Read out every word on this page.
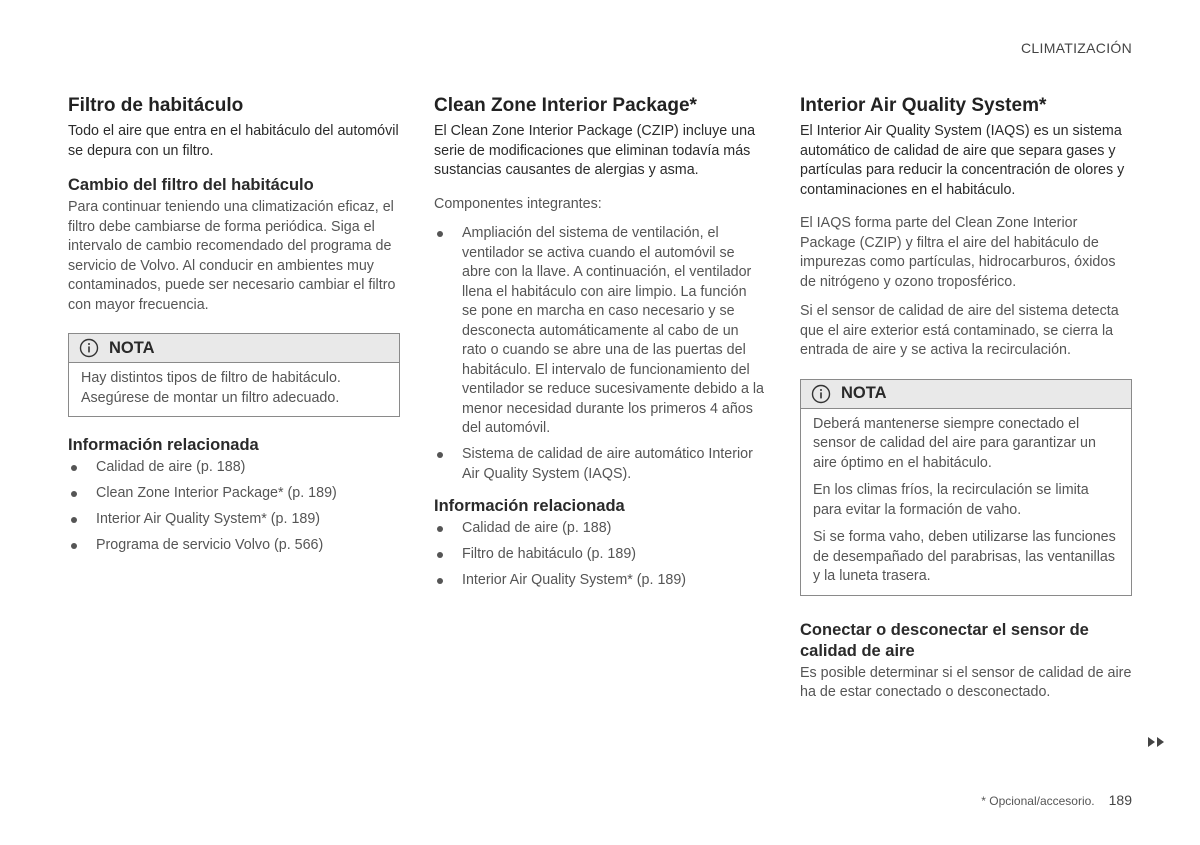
CLIMATIZACIÓN
Filtro de habitáculo

Todo el aire que entra en el habitáculo del automóvil se depura con un filtro.

Cambio del filtro del habitáculo

Para continuar teniendo una climatización eficaz, el filtro debe cambiarse de forma periódica. Siga el intervalo de cambio recomendado del programa de servicio de Volvo. Al conducir en ambientes muy contaminados, puede ser necesario cambiar el filtro con mayor frecuencia.

NOTA

Hay distintos tipos de filtro de habitáculo. Asegúrese de montar un filtro adecuado.

Información relacionada
Calidad de aire (p. 188)
Clean Zone Interior Package* (p. 189)
Interior Air Quality System* (p. 189)
Programa de servicio Volvo (p. 566)
Clean Zone Interior Package*

El Clean Zone Interior Package (CZIP) incluye una serie de modificaciones que eliminan todavía más sustancias causantes de alergias y asma.

Componentes integrantes:

Ampliación del sistema de ventilación, el ventilador se activa cuando el automóvil se abre con la llave. A continuación, el ventilador llena el habitáculo con aire limpio. La función se pone en marcha en caso necesario y se desconecta automáticamente al cabo de un rato o cuando se abre una de las puertas del habitáculo. El intervalo de funcionamiento del ventilador se reduce sucesivamente debido a la menor necesidad durante los primeros 4 años del automóvil.
Sistema de calidad de aire automático Interior Air Quality System (IAQS).
Información relacionada
Calidad de aire (p. 188)
Filtro de habitáculo (p. 189)
Interior Air Quality System* (p. 189)
Interior Air Quality System*

El Interior Air Quality System (IAQS) es un sistema automático de calidad de aire que separa gases y partículas para reducir la concentración de olores y contaminaciones en el habitáculo.

El IAQS forma parte del Clean Zone Interior Package (CZIP) y filtra el aire del habitáculo de impurezas como partículas, hidrocarburos, óxidos de nitrógeno y ozono troposférico.

Si el sensor de calidad de aire del sistema detecta que el aire exterior está contaminado, se cierra la entrada de aire y se activa la recirculación.

NOTA

Deberá mantenerse siempre conectado el sensor de calidad del aire para garantizar un aire óptimo en el habitáculo.

En los climas fríos, la recirculación se limita para evitar la formación de vaho.

Si se forma vaho, deben utilizarse las funciones de desempañado del parabrisas, las ventanillas y la luneta trasera.

Conectar o desconectar el sensor de calidad de aire

Es posible determinar si el sensor de calidad de aire ha de estar conectado o desconectado.

* Opcional/accesorio. 189
